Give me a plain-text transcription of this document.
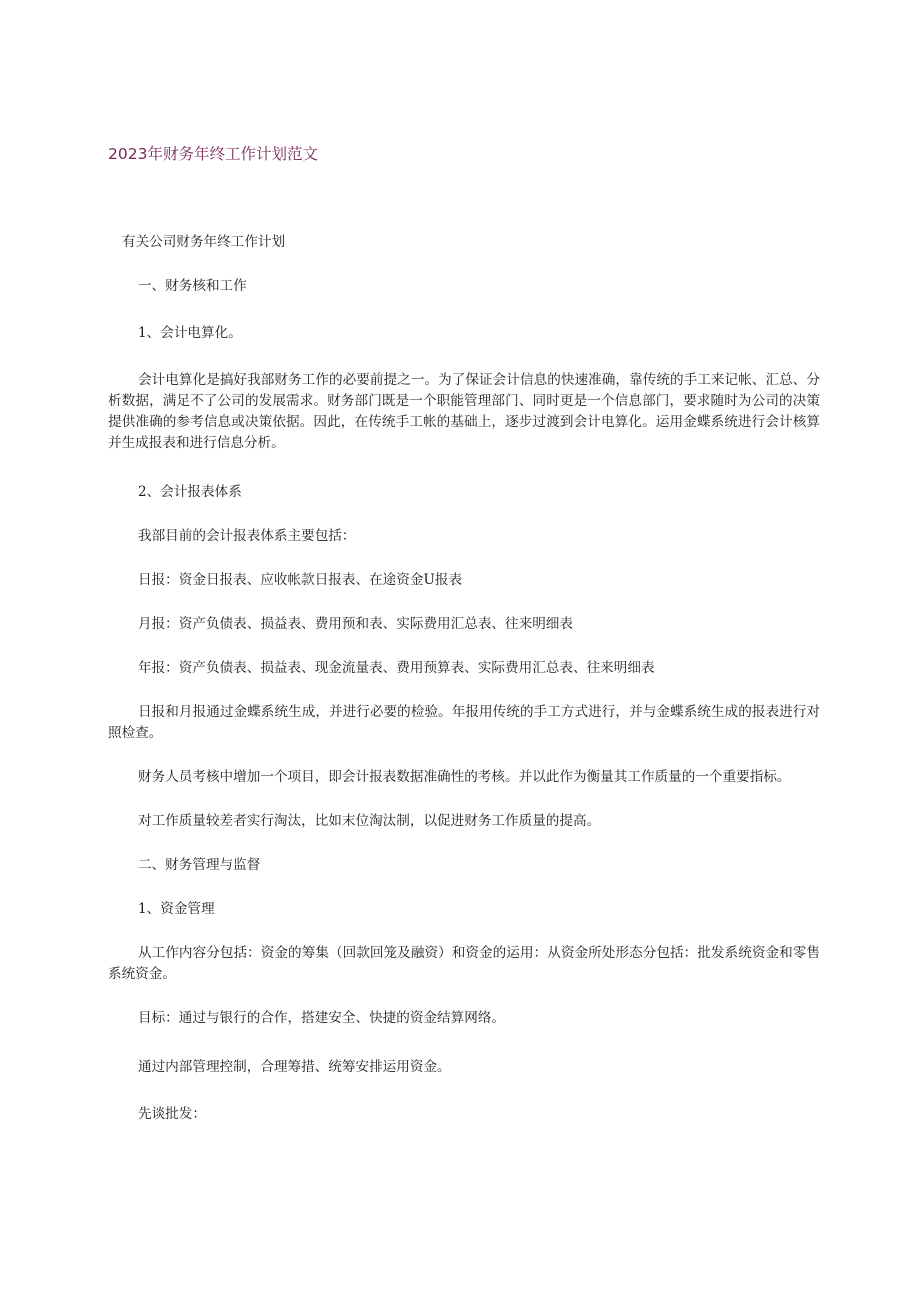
2023年财务年终工作计划范文

有关公司财务年终工作计划

一、财务核和工作

1、会计电算化。

会计电算化是搞好我部财务工作的必要前提之一。为了保证会计信息的快速准确，靠传统的手工来记帐、汇总、分析数据，满足不了公司的发展需求。财务部门既是一个职能管理部门、同时更是一个信息部门，要求随时为公司的决策提供准确的参考信息或决策依据。因此，在传统手工帐的基础上，逐步过渡到会计电算化。运用金蝶系统进行会计核算并生成报表和进行信息分析。

2、会计报表体系

我部目前的会计报表体系主要包括：

日报：资金日报表、应收帐款日报表、在途资金U报表

月报：资产负债表、损益表、费用预和表、实际费用汇总表、往来明细表

年报：资产负债表、损益表、现金流量表、费用预算表、实际费用汇总表、往来明细表

日报和月报通过金蝶系统生成，并进行必要的检验。年报用传统的手工方式进行，并与金蝶系统生成的报表进行对照检查。

财务人员考核中增加一个项目，即会计报表数据准确性的考核。并以此作为衡量其工作质量的一个重要指标。

对工作质量较差者实行淘汰，比如末位淘汰制，以促进财务工作质量的提高。

二、财务管理与监督

1、资金管理

从工作内容分包括：资金的筹集（回款回笼及融资）和资金的运用：从资金所处形态分包括：批发系统资金和零售系统资金。

目标：通过与银行的合作，搭建安全、快捷的资金结算网络。

通过内部管理控制，合理筹措、统筹安排运用资金。

先谈批发：
